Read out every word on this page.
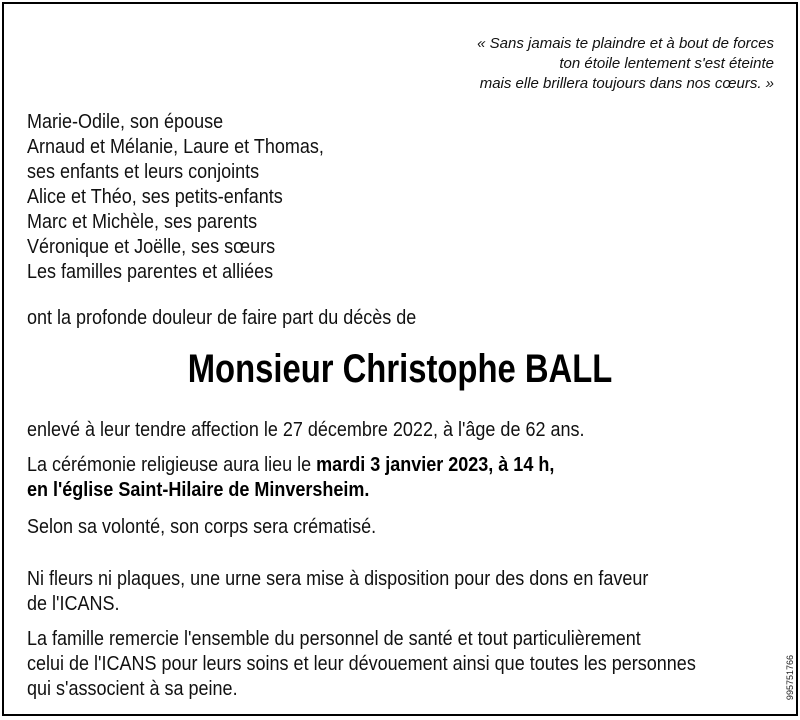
« Sans jamais te plaindre et à bout de forces
ton étoile lentement s'est éteinte
mais elle brillera toujours dans nos cœurs. »
Marie-Odile, son épouse
Arnaud et Mélanie, Laure et Thomas,
ses enfants et leurs conjoints
Alice et Théo, ses petits-enfants
Marc et Michèle, ses parents
Véronique et Joëlle, ses sœurs
Les familles parentes et alliées
ont la profonde douleur de faire part du décès de
Monsieur Christophe BALL
enlevé à leur tendre affection le 27 décembre 2022, à l'âge de 62 ans.
La cérémonie religieuse aura lieu le mardi 3 janvier 2023, à 14 h,
en l'église Saint-Hilaire de Minversheim.
Selon sa volonté, son corps sera crématisé.
Ni fleurs ni plaques, une urne sera mise à disposition pour des dons en faveur
de l'ICANS.
La famille remercie l'ensemble du personnel de santé et tout particulièrement
celui de l'ICANS pour leurs soins et leur dévouement ainsi que toutes les personnes
qui s'associent à sa peine.	995751766
